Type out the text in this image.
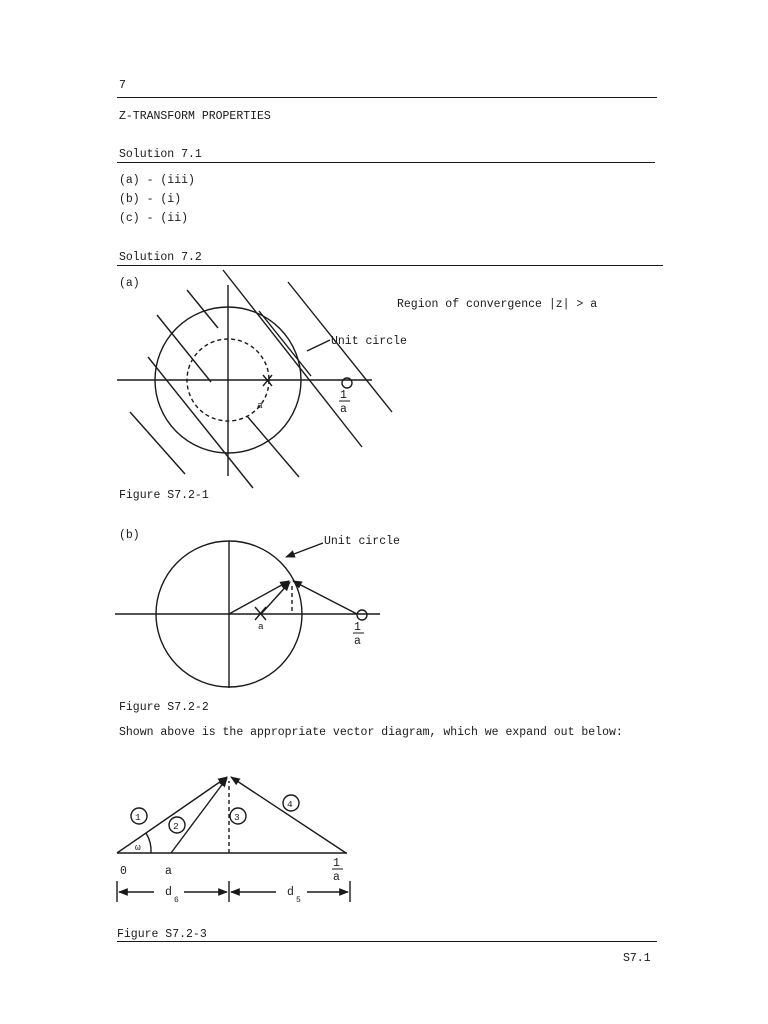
7
Z-TRANSFORM PROPERTIES
Solution 7.1
(a) - (iii)
(b) - (i)
(c) - (ii)
Solution 7.2
(a)
Region of convergence |z| > a
Unit circle
Figure S7.2-1
(b)	Unit circle
Figure S7.2-2
Shown above is the appropriate vector diagram, which we expand out below:
Figure S7.2-3
S7.1
a
1
a
a	1
a
1
2
3
4
ω
0	a
1
a
d
6
d
5
